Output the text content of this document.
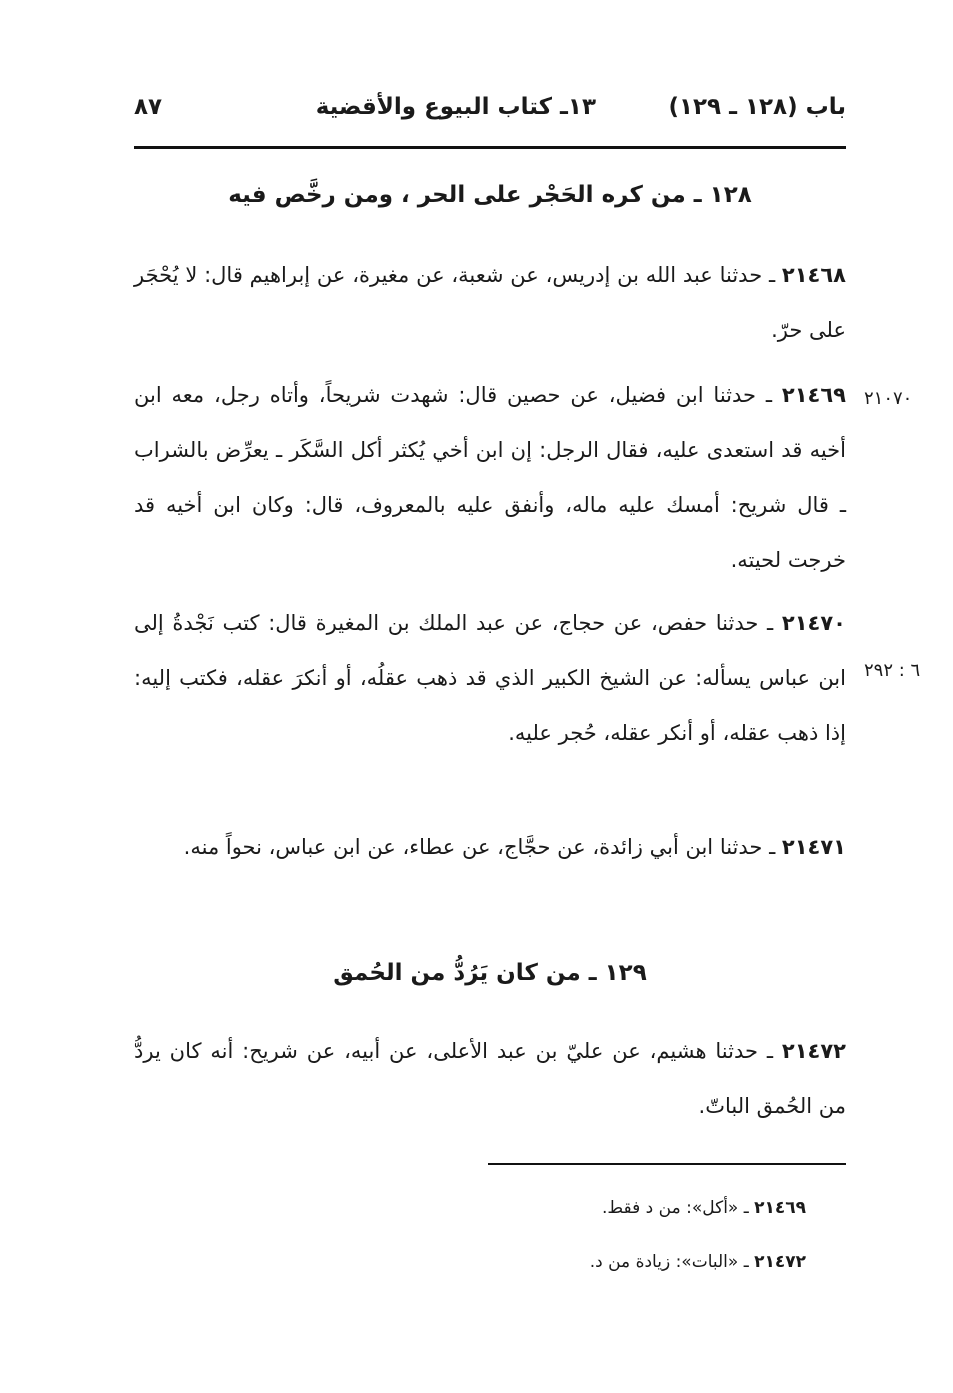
باب (١٢٨ ـ ١٢٩)
١٣ـ كتاب البيوع والأقضية
٨٧
١٢٨ ـ من كره الحَجْر على الحر ، ومن رخَّص فيه
٢١٤٦٨ ـ حدثنا عبد الله بن إدريس، عن شعبة، عن مغيرة، عن إبراهيم قال: لا يُحْجَر على حرّ.
٢١٠٧٠
٢١٤٦٩ ـ حدثنا ابن فضيل، عن حصين قال: شهدت شريحاً، وأتاه رجل، معه ابن أخيه قد استعدى عليه، فقال الرجل: إن ابن أخي يُكثر أكل السَّكَر ـ يعرِّض بالشراب ـ قال شريح: أمسك عليه ماله، وأنفق عليه بالمعروف، قال: وكان ابن أخيه قد خرجت لحيته.
٦ : ٢٩٢
٢١٤٧٠ ـ حدثنا حفص، عن حجاج، عن عبد الملك بن المغيرة قال: كتب نَجْدةُ إلى ابن عباس يسأله: عن الشيخ الكبير الذي قد ذهب عقلُه، أو أنكرَ عقله، فكتب إليه: إذا ذهب عقله، أو أنكر عقله، حُجر عليه.
٢١٤٧١ ـ حدثنا ابن أبي زائدة، عن حجَّاج، عن عطاء، عن ابن عباس، نحواً منه.
١٢٩ ـ من كان يَرُدُّ من الحُمق
٢١٤٧٢ ـ حدثنا هشيم، عن عليّ بن عبد الأعلى، عن أبيه، عن شريح: أنه كان يردُّ من الحُمق الباتّ.
٢١٤٦٩ ـ «أكل»: من د فقط.
٢١٤٧٢ ـ «البات»: زيادة من د.
